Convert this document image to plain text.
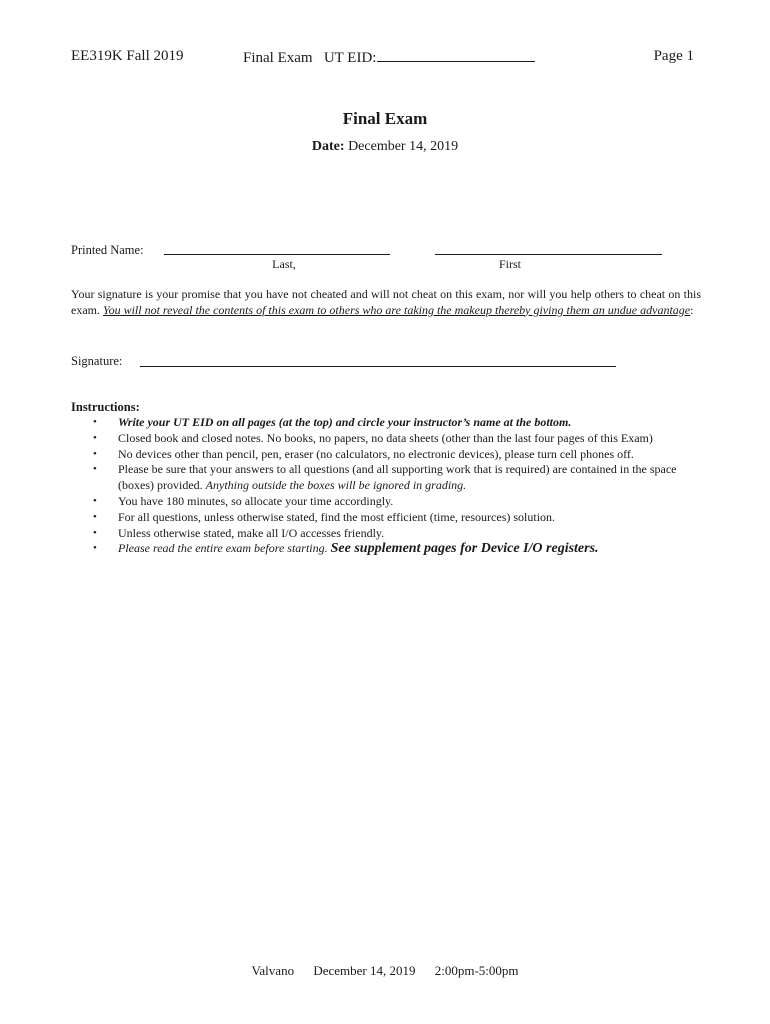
EE319K Fall 2019	Final Exam UT EID:	Page 1
Final Exam
Date: December 14, 2019
Printed Name:
Last,	First
Your signature is your promise that you have not cheated and will not cheat on this exam, nor will you help others to cheat on this exam. You will not reveal the contents of this exam to others who are taking the makeup thereby giving them an undue advantage:
Signature:
Instructions:
• Write your UT EID on all pages (at the top) and circle your instructor’s name at the bottom.
• Closed book and closed notes. No books, no papers, no data sheets (other than the last four pages of this Exam)
• No devices other than pencil, pen, eraser (no calculators, no electronic devices), please turn cell phones off.
• Please be sure that your answers to all questions (and all supporting work that is required) are contained in the space (boxes) provided. Anything outside the boxes will be ignored in grading.
• You have 180 minutes, so allocate your time accordingly.
• For all questions, unless otherwise stated, find the most efficient (time, resources) solution.
• Unless otherwise stated, make all I/O accesses friendly.
• Please read the entire exam before starting. See supplement pages for Device I/O registers.
Valvano December 14, 2019 2:00pm-5:00pm
